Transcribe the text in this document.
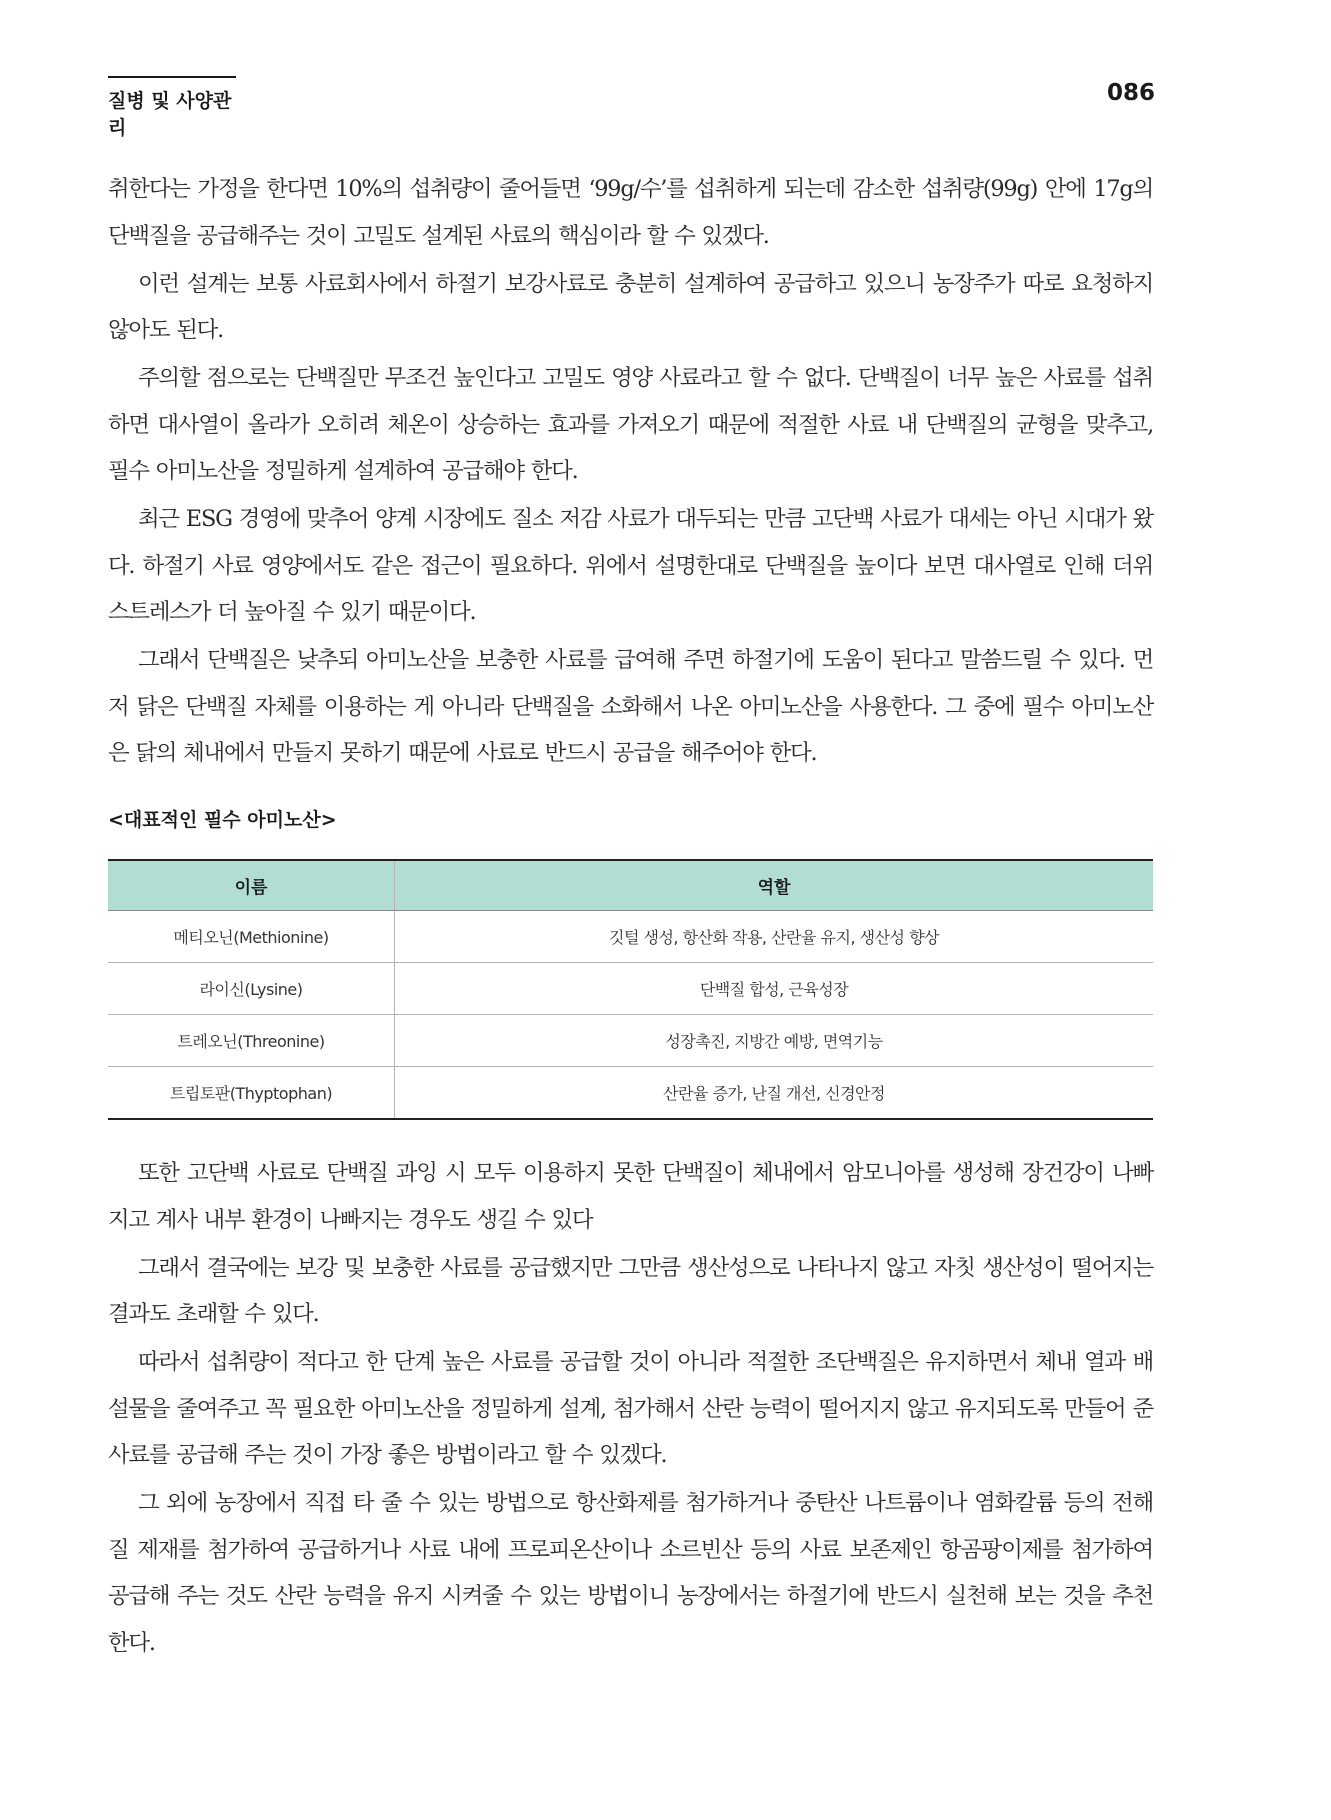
질병 및 사양관리
086

취한다는 가정을 한다면 10%의 섭취량이 줄어들면 ‘99g/수’를 섭취하게 되는데 감소한 섭취량(99g) 안에 17g의 단백질을 공급해주는 것이 고밀도 설계된 사료의 핵심이라 할 수 있겠다.

이런 설계는 보통 사료회사에서 하절기 보강사료로 충분히 설계하여 공급하고 있으니 농장주가 따로 요청하지 않아도 된다.

주의할 점으로는 단백질만 무조건 높인다고 고밀도 영양 사료라고 할 수 없다. 단백질이 너무 높은 사료를 섭취하면 대사열이 올라가 오히려 체온이 상승하는 효과를 가져오기 때문에 적절한 사료 내 단백질의 균형을 맞추고, 필수 아미노산을 정밀하게 설계하여 공급해야 한다.

최근 ESG 경영에 맞추어 양계 시장에도 질소 저감 사료가 대두되는 만큼 고단백 사료가 대세는 아닌 시대가 왔다. 하절기 사료 영양에서도 같은 접근이 필요하다. 위에서 설명한대로 단백질을 높이다 보면 대사열로 인해 더위 스트레스가 더 높아질 수 있기 때문이다.

그래서 단백질은 낮추되 아미노산을 보충한 사료를 급여해 주면 하절기에 도움이 된다고 말씀드릴 수 있다. 먼저 닭은 단백질 자체를 이용하는 게 아니라 단백질을 소화해서 나온 아미노산을 사용한다. 그 중에 필수 아미노산은 닭의 체내에서 만들지 못하기 때문에 사료로 반드시 공급을 해주어야 한다.

<대표적인 필수 아미노산>
이름	역할
메티오닌(Methionine)	깃털 생성, 항산화 작용, 산란율 유지, 생산성 향상
라이신(Lysine)	단백질 합성, 근육성장
트레오닌(Threonine)	성장촉진, 지방간 예방, 면역기능
트립토판(Thyptophan)	산란율 증가, 난질 개선, 신경안정

또한 고단백 사료로 단백질 과잉 시 모두 이용하지 못한 단백질이 체내에서 암모니아를 생성해 장건강이 나빠지고 계사 내부 환경이 나빠지는 경우도 생길 수 있다

그래서 결국에는 보강 및 보충한 사료를 공급했지만 그만큼 생산성으로 나타나지 않고 자칫 생산성이 떨어지는 결과도 초래할 수 있다.

따라서 섭취량이 적다고 한 단계 높은 사료를 공급할 것이 아니라 적절한 조단백질은 유지하면서 체내 열과 배설물을 줄여주고 꼭 필요한 아미노산을 정밀하게 설계, 첨가해서 산란 능력이 떨어지지 않고 유지되도록 만들어 준 사료를 공급해 주는 것이 가장 좋은 방법이라고 할 수 있겠다.

그 외에 농장에서 직접 타 줄 수 있는 방법으로 항산화제를 첨가하거나 중탄산 나트륨이나 염화칼륨 등의 전해질 제재를 첨가하여 공급하거나 사료 내에 프로피온산이나 소르빈산 등의 사료 보존제인 항곰팡이제를 첨가하여 공급해 주는 것도 산란 능력을 유지 시켜줄 수 있는 방법이니 농장에서는 하절기에 반드시 실천해 보는 것을 추천한다.
